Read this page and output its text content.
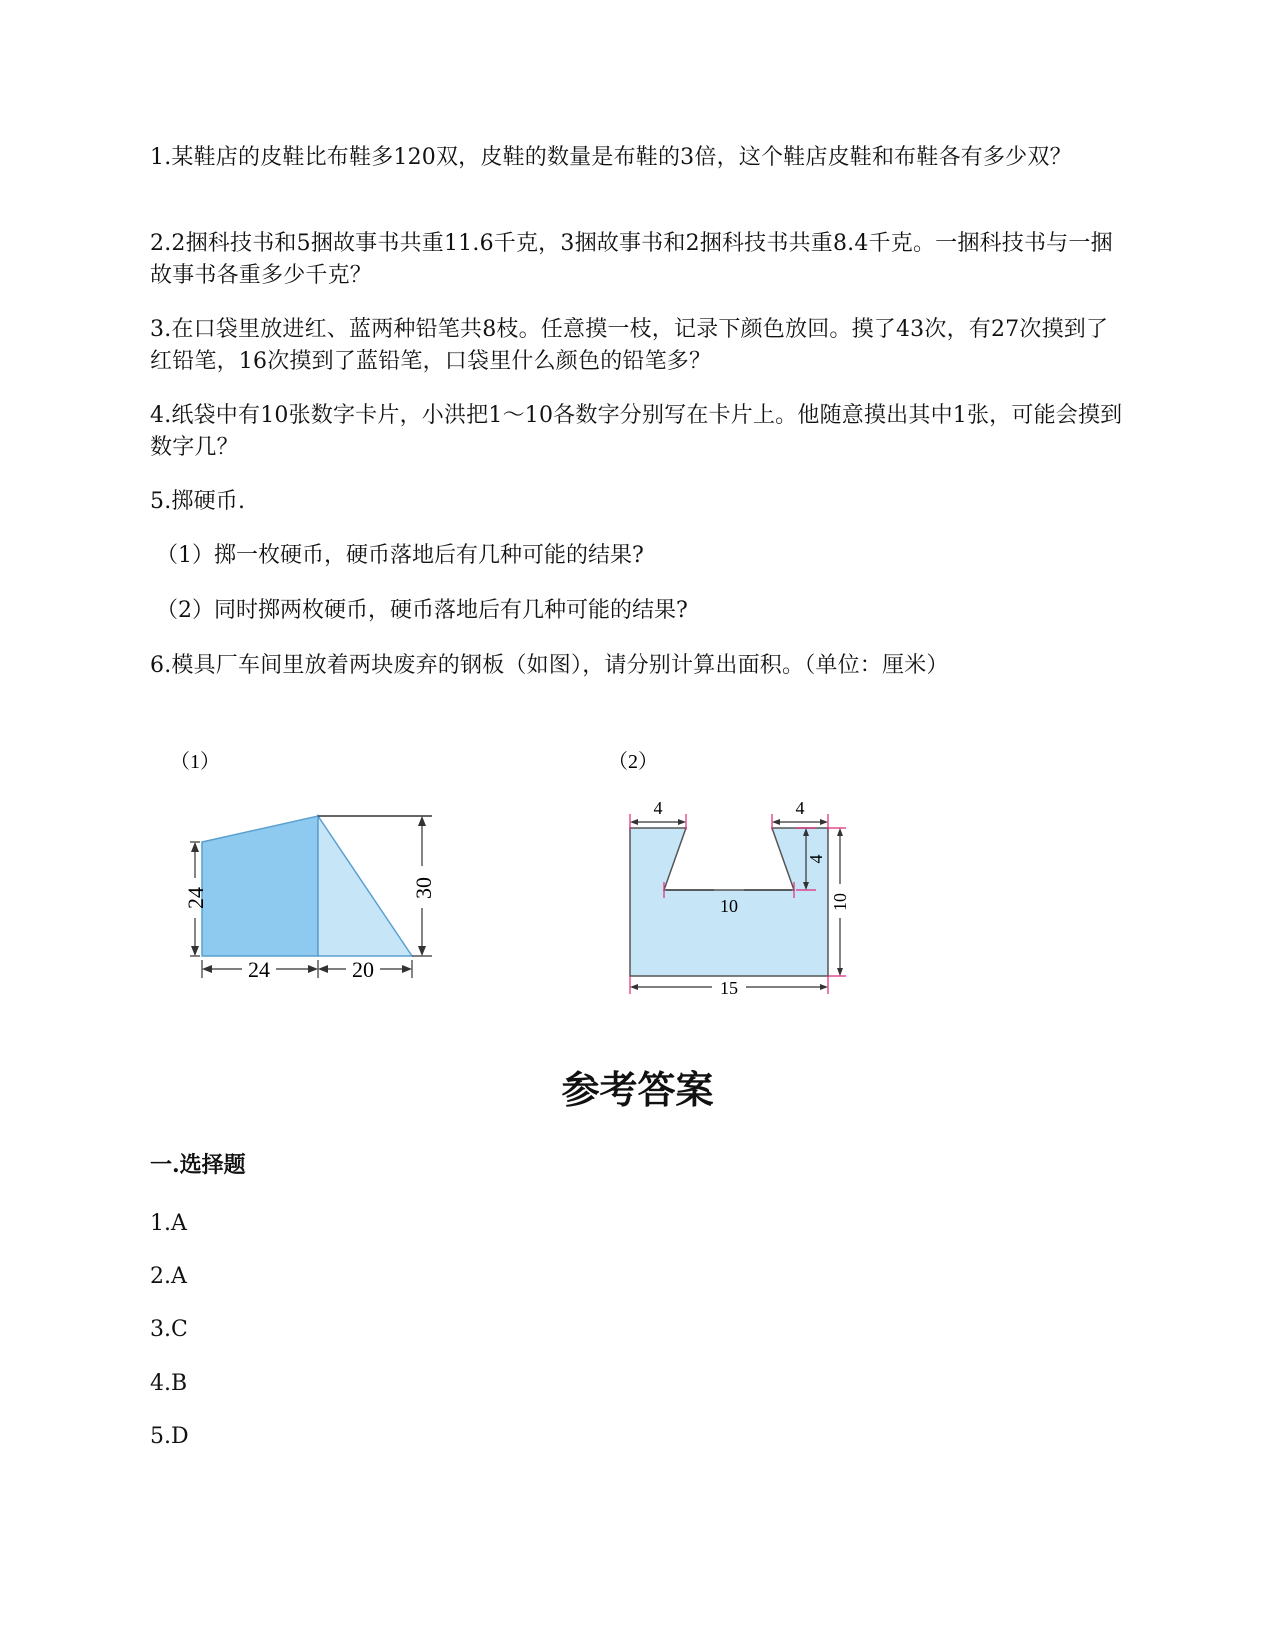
1.某鞋店的皮鞋比布鞋多120双，皮鞋的数量是布鞋的3倍，这个鞋店皮鞋和布鞋各有多少双？
2.2捆科技书和5捆故事书共重11.6千克，3捆故事书和2捆科技书共重8.4千克。一捆科技书与一捆故事书各重多少千克？
3.在口袋里放进红、蓝两种铅笔共8枝。任意摸一枝，记录下颜色放回。摸了43次，有27次摸到了红铅笔，16次摸到了蓝铅笔，口袋里什么颜色的铅笔多？
4.纸袋中有10张数字卡片，小洪把1～10各数字分别写在卡片上。他随意摸出其中1张，可能会摸到数字几？
5.掷硬币.
（1）掷一枚硬币，硬币落地后有几种可能的结果?
（2）同时掷两枚硬币，硬币落地后有几种可能的结果?
6.模具厂车间里放着两块废弃的钢板（如图），请分别计算出面积。（单位：厘米）
（1）
24	30
24	20
（2）
4	4
4
10	10
15
参考答案
一.选择题
1.A
2.A
3.C
4.B
5.D
